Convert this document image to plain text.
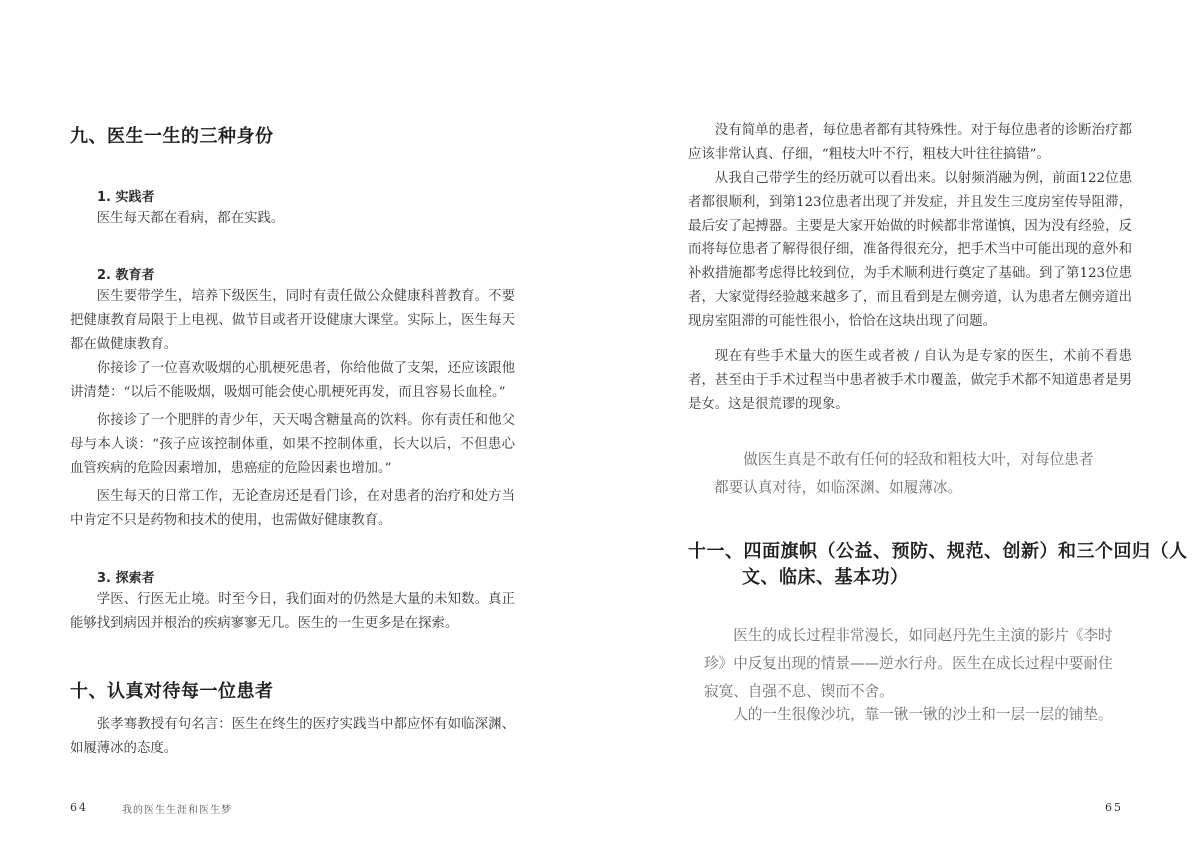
九、医生一生的三种身份
1. 实践者

医生每天都在看病，都在实践。

2. 教育者

医生要带学生，培养下级医生，同时有责任做公众健康科普教育。不要把健康教育局限于上电视、做节目或者开设健康大课堂。实际上，医生每天都在做健康教育。

你接诊了一位喜欢吸烟的心肌梗死患者，你给他做了支架，还应该跟他讲清楚：“以后不能吸烟，吸烟可能会使心肌梗死再发，而且容易长血栓。”

你接诊了一个肥胖的青少年，天天喝含糖量高的饮料。你有责任和他父母与本人谈：“孩子应该控制体重，如果不控制体重，长大以后，不但患心血管疾病的危险因素增加，患癌症的危险因素也增加。”

医生每天的日常工作，无论查房还是看门诊，在对患者的治疗和处方当中肯定不只是药物和技术的使用，也需做好健康教育。

3. 探索者

学医、行医无止境。时至今日，我们面对的仍然是大量的未知数。真正能够找到病因并根治的疾病寥寥无几。医生的一生更多是在探索。

十、认真对待每一位患者

张孝骞教授有句名言：医生在终生的医疗实践当中都应怀有如临深渊、如履薄冰的态度。

64	我的医生生涯和医生梦

没有简单的患者，每位患者都有其特殊性。对于每位患者的诊断治疗都应该非常认真、仔细，“粗枝大叶不行，粗枝大叶往往搞错”。

从我自己带学生的经历就可以看出来。以射频消融为例，前面122位患者都很顺利，到第123位患者出现了并发症，并且发生三度房室传导阻滞，最后安了起搏器。主要是大家开始做的时候都非常谨慎，因为没有经验，反而将每位患者了解得很仔细，准备得很充分，把手术当中可能出现的意外和补救措施都考虑得比较到位，为手术顺利进行奠定了基础。到了第123位患者，大家觉得经验越来越多了，而且看到是左侧旁道，认为患者左侧旁道出现房室阻滞的可能性很小，恰恰在这块出现了问题。

现在有些手术量大的医生或者被 / 自认为是专家的医生，术前不看患者，甚至由于手术过程当中患者被手术巾覆盖，做完手术都不知道患者是男是女。这是很荒谬的现象。

做医生真是不敢有任何的轻敌和粗枝大叶，对每位患者都要认真对待，如临深渊、如履薄冰。

十一、四面旗帜（公益、预防、规范、创新）和三个回归（人
文、临床、基本功）

医生的成长过程非常漫长，如同赵丹先生主演的影片《李时珍》中反复出现的情景——逆水行舟。医生在成长过程中要耐住寂寞、自强不息、锲而不舍。

人的一生很像沙坑，靠一锹一锹的沙土和一层一层的铺垫。

65
